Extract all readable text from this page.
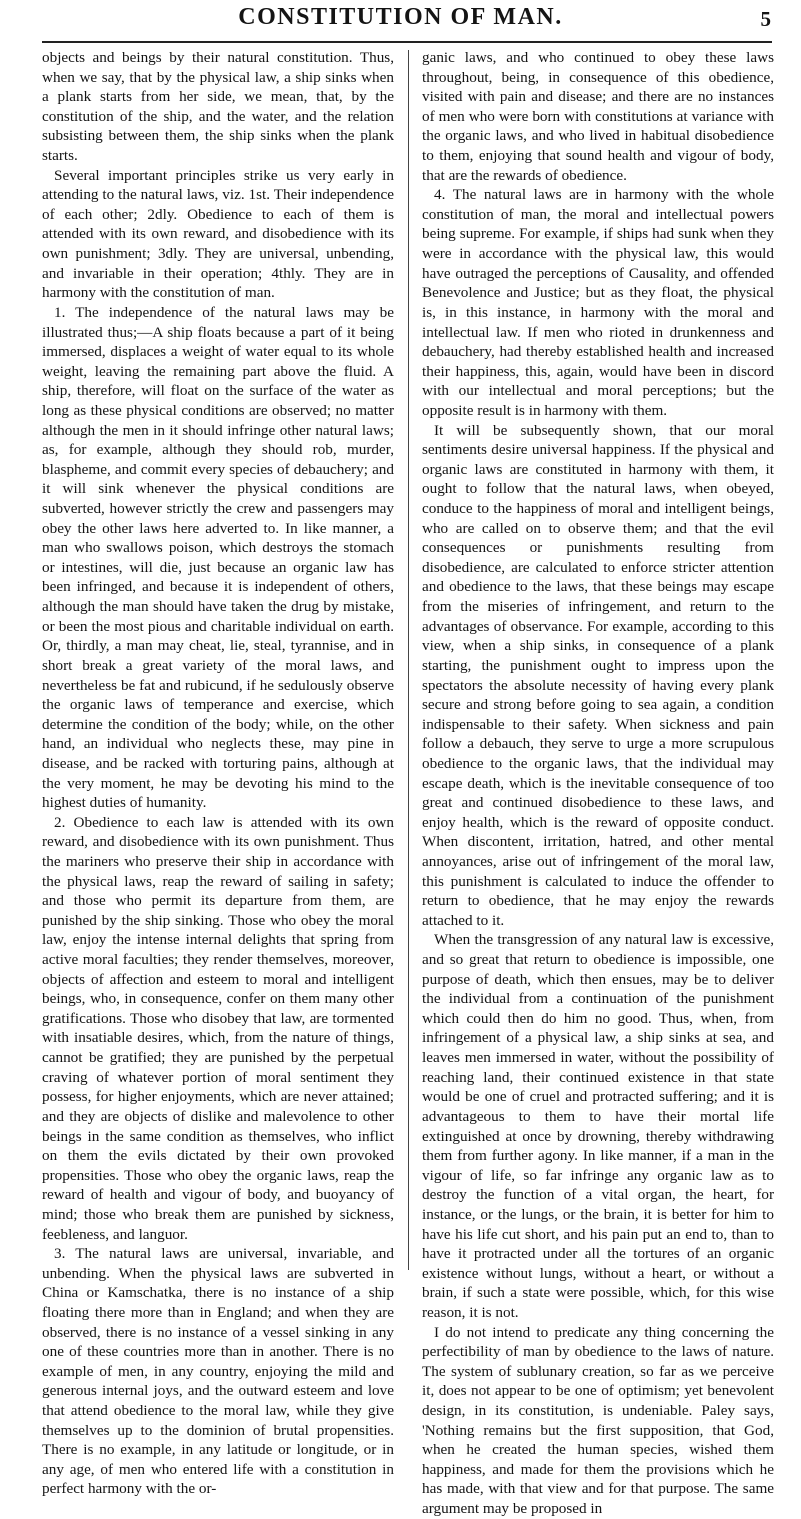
CONSTITUTION OF MAN.	5

objects and beings by their natural constitution. Thus, when we say, that by the physical law, a ship sinks when a plank starts from her side, we mean, that, by the constitution of the ship, and the water, and the relation subsisting between them, the ship sinks when the plank starts.

Several important principles strike us very early in attending to the natural laws, viz. 1st. Their independence of each other; 2dly. Obedience to each of them is attended with its own reward, and disobedience with its own punishment; 3dly. They are universal, unbending, and invariable in their operation; 4thly. They are in harmony with the constitution of man.

1. The independence of the natural laws may be illustrated thus;—A ship floats because a part of it being immersed, displaces a weight of water equal to its whole weight, leaving the remaining part above the fluid. A ship, therefore, will float on the surface of the water as long as these physical conditions are observed; no matter although the men in it should infringe other natural laws; as, for example, although they should rob, murder, blaspheme, and commit every species of debauchery; and it will sink whenever the physical conditions are subverted, however strictly the crew and passengers may obey the other laws here adverted to. In like manner, a man who swallows poison, which destroys the stomach or intestines, will die, just because an organic law has been infringed, and because it is independent of others, although the man should have taken the drug by mistake, or been the most pious and charitable individual on earth. Or, thirdly, a man may cheat, lie, steal, tyrannise, and in short break a great variety of the moral laws, and nevertheless be fat and rubicund, if he sedulously observe the organic laws of temperance and exercise, which determine the condition of the body; while, on the other hand, an individual who neglects these, may pine in disease, and be racked with torturing pains, although at the very moment, he may be devoting his mind to the highest duties of humanity.

2. Obedience to each law is attended with its own reward, and disobedience with its own punishment. Thus the mariners who preserve their ship in accordance with the physical laws, reap the reward of sailing in safety; and those who permit its departure from them, are punished by the ship sinking. Those who obey the moral law, enjoy the intense internal delights that spring from active moral faculties; they render themselves, moreover, objects of affection and esteem to moral and intelligent beings, who, in consequence, confer on them many other gratifications. Those who disobey that law, are tormented with insatiable desires, which, from the nature of things, cannot be gratified; they are punished by the perpetual craving of whatever portion of moral sentiment they possess, for higher enjoyments, which are never attained; and they are objects of dislike and malevolence to other beings in the same condition as themselves, who inflict on them the evils dictated by their own provoked propensities. Those who obey the organic laws, reap the reward of health and vigour of body, and buoyancy of mind; those who break them are punished by sickness, feebleness, and languor.

3. The natural laws are universal, invariable, and unbending. When the physical laws are subverted in China or Kamschatka, there is no instance of a ship floating there more than in England; and when they are observed, there is no instance of a vessel sinking in any one of these countries more than in another. There is no example of men, in any country, enjoying the mild and generous internal joys, and the outward esteem and love that attend obedience to the moral law, while they give themselves up to the dominion of brutal propensities. There is no example, in any latitude or longitude, or in any age, of men who entered life with a constitution in perfect harmony with the or-

ganic laws, and who continued to obey these laws throughout, being, in consequence of this obedience, visited with pain and disease; and there are no instances of men who were born with constitutions at variance with the organic laws, and who lived in habitual disobedience to them, enjoying that sound health and vigour of body, that are the rewards of obedience.

4. The natural laws are in harmony with the whole constitution of man, the moral and intellectual powers being supreme. For example, if ships had sunk when they were in accordance with the physical law, this would have outraged the perceptions of Causality, and offended Benevolence and Justice; but as they float, the physical is, in this instance, in harmony with the moral and intellectual law. If men who rioted in drunkenness and debauchery, had thereby established health and increased their happiness, this, again, would have been in discord with our intellectual and moral perceptions; but the opposite result is in harmony with them.

It will be subsequently shown, that our moral sentiments desire universal happiness. If the physical and organic laws are constituted in harmony with them, it ought to follow that the natural laws, when obeyed, conduce to the happiness of moral and intelligent beings, who are called on to observe them; and that the evil consequences or punishments resulting from disobedience, are calculated to enforce stricter attention and obedience to the laws, that these beings may escape from the miseries of infringement, and return to the advantages of observance. For example, according to this view, when a ship sinks, in consequence of a plank starting, the punishment ought to impress upon the spectators the absolute necessity of having every plank secure and strong before going to sea again, a condition indispensable to their safety. When sickness and pain follow a debauch, they serve to urge a more scrupulous obedience to the organic laws, that the individual may escape death, which is the inevitable consequence of too great and continued disobedience to these laws, and enjoy health, which is the reward of opposite conduct. When discontent, irritation, hatred, and other mental annoyances, arise out of infringement of the moral law, this punishment is calculated to induce the offender to return to obedience, that he may enjoy the rewards attached to it.

When the transgression of any natural law is excessive, and so great that return to obedience is impossible, one purpose of death, which then ensues, may be to deliver the individual from a continuation of the punishment which could then do him no good. Thus, when, from infringement of a physical law, a ship sinks at sea, and leaves men immersed in water, without the possibility of reaching land, their continued existence in that state would be one of cruel and protracted suffering; and it is advantageous to them to have their mortal life extinguished at once by drowning, thereby withdrawing them from further agony. In like manner, if a man in the vigour of life, so far infringe any organic law as to destroy the function of a vital organ, the heart, for instance, or the lungs, or the brain, it is better for him to have his life cut short, and his pain put an end to, than to have it protracted under all the tortures of an organic existence without lungs, without a heart, or without a brain, if such a state were possible, which, for this wise reason, it is not.

I do not intend to predicate any thing concerning the perfectibility of man by obedience to the laws of nature. The system of sublunary creation, so far as we perceive it, does not appear to be one of optimism; yet benevolent design, in its constitution, is undeniable. Paley says, 'Nothing remains but the first supposition, that God, when he created the human species, wished them happiness, and made for them the provisions which he has made, with that view and for that purpose. The same argument may be proposed in
